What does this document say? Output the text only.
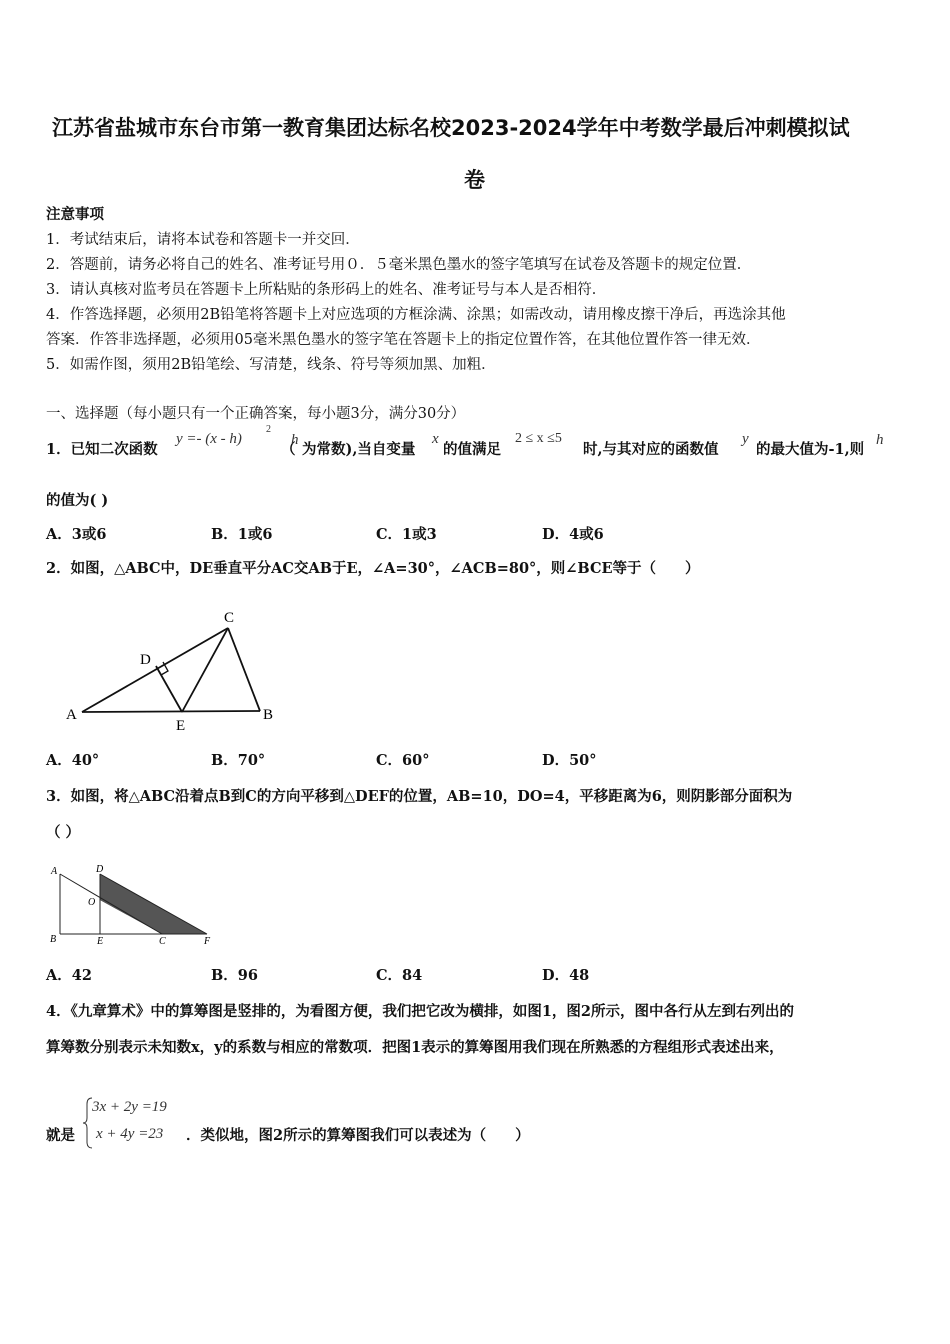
江苏省盐城市东台市第一教育集团达标名校2023-2024学年中考数学最后冲刺模拟试
卷
注意事项
1．考试结束后，请将本试卷和答题卡一并交回．
2．答题前，请务必将自己的姓名、准考证号用０．５毫米黑色墨水的签字笔填写在试卷及答题卡的规定位置．
3．请认真核对监考员在答题卡上所粘贴的条形码上的姓名、准考证号与本人是否相符．
4．作答选择题，必须用2B铅笔将答题卡上对应选项的方框涂满、涂黑；如需改动，请用橡皮擦干净后，再选涂其他
答案．作答非选择题，必须用05毫米黑色墨水的签字笔在答题卡上的指定位置作答，在其他位置作答一律无效．
5．如需作图，须用2B铅笔绘、写清楚，线条、符号等须加黑、加粗．
一、选择题（每小题只有一个正确答案，每小题3分，满分30分）
1．已知二次函数
y =- (x - h)
2
（
h
为常数),当自变量
x
的值满足
2 ≤ x ≤5
时,与其对应的函数值
y
的最大值为-1,则
h
的值为( )
A．3或6	B．1或6	C．1或3	D．4或6
2．如图，△ABC中，DE垂直平分AC交AB于E，∠A=30°，∠ACB=80°，则∠BCE等于（　　）
A	B
C
D
E
A．40°	B．70°	C．60°	D．50°
3．如图，将△ABC沿着点B到C的方向平移到△DEF的位置，AB=10，DO=4，平移距离为6，则阴影部分面积为
（ ）
A	D
O
B	E	C	F
A．42	B．96	C．84	D．48
4．《九章算术》中的算筹图是竖排的，为看图方便，我们把它改为横排，如图1，图2所示，图中各行从左到右列出的
算筹数分别表示未知数x，y的系数与相应的常数项．把图1表示的算筹图用我们现在所熟悉的方程组形式表述出来，
就是
3x + 2y =19
x + 4y =23 ．类似地，图2所示的算筹图我们可以表述为（　　）
